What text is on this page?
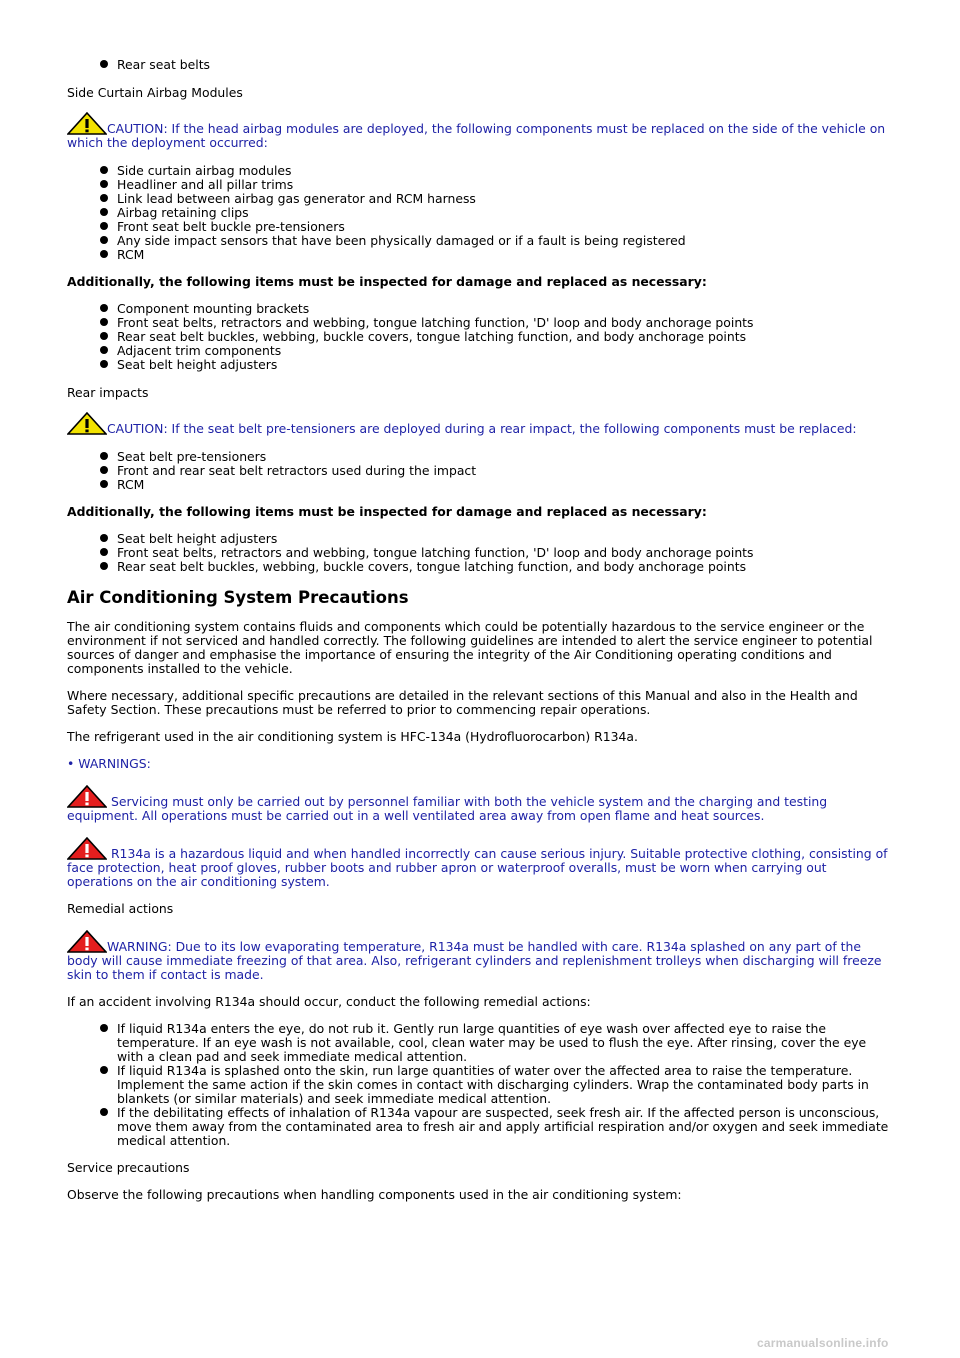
Rear seat belts

Side Curtain Airbag Modules

CAUTION: If the head airbag modules are deployed, the following components must be replaced on the side of the vehicle on which the deployment occurred:

Side curtain airbag modules
Headliner and all pillar trims
Link lead between airbag gas generator and RCM harness
Airbag retaining clips
Front seat belt buckle pre-tensioners
Any side impact sensors that have been physically damaged or if a fault is being registered
RCM

Additionally, the following items must be inspected for damage and replaced as necessary:

Component mounting brackets
Front seat belts, retractors and webbing, tongue latching function, 'D' loop and body anchorage points
Rear seat belt buckles, webbing, buckle covers, tongue latching function, and body anchorage points
Adjacent trim components
Seat belt height adjusters

Rear impacts

CAUTION: If the seat belt pre-tensioners are deployed during a rear impact, the following components must be replaced:

Seat belt pre-tensioners
Front and rear seat belt retractors used during the impact
RCM

Additionally, the following items must be inspected for damage and replaced as necessary:

Seat belt height adjusters
Front seat belts, retractors and webbing, tongue latching function, 'D' loop and body anchorage points
Rear seat belt buckles, webbing, buckle covers, tongue latching function, and body anchorage points

Air Conditioning System Precautions

The air conditioning system contains fluids and components which could be potentially hazardous to the service engineer or the environment if not serviced and handled correctly. The following guidelines are intended to alert the service engineer to potential sources of danger and emphasise the importance of ensuring the integrity of the Air Conditioning operating conditions and components installed to the vehicle.

Where necessary, additional specific precautions are detailed in the relevant sections of this Manual and also in the Health and Safety Section. These precautions must be referred to prior to commencing repair operations.

The refrigerant used in the air conditioning system is HFC-134a (Hydrofluorocarbon) R134a.

• WARNINGS:

Servicing must only be carried out by personnel familiar with both the vehicle system and the charging and testing equipment. All operations must be carried out in a well ventilated area away from open flame and heat sources.

R134a is a hazardous liquid and when handled incorrectly can cause serious injury. Suitable protective clothing, consisting of face protection, heat proof gloves, rubber boots and rubber apron or waterproof overalls, must be worn when carrying out operations on the air conditioning system.

Remedial actions

WARNING: Due to its low evaporating temperature, R134a must be handled with care. R134a splashed on any part of the body will cause immediate freezing of that area. Also, refrigerant cylinders and replenishment trolleys when discharging will freeze skin to them if contact is made.

If an accident involving R134a should occur, conduct the following remedial actions:

If liquid R134a enters the eye, do not rub it. Gently run large quantities of eye wash over affected eye to raise the temperature. If an eye wash is not available, cool, clean water may be used to flush the eye. After rinsing, cover the eye with a clean pad and seek immediate medical attention.
If liquid R134a is splashed onto the skin, run large quantities of water over the affected area to raise the temperature. Implement the same action if the skin comes in contact with discharging cylinders. Wrap the contaminated body parts in blankets (or similar materials) and seek immediate medical attention.
If the debilitating effects of inhalation of R134a vapour are suspected, seek fresh air. If the affected person is unconscious, move them away from the contaminated area to fresh air and apply artificial respiration and/or oxygen and seek immediate medical attention.

Service precautions

Observe the following precautions when handling components used in the air conditioning system:

carmanualsonline.info
